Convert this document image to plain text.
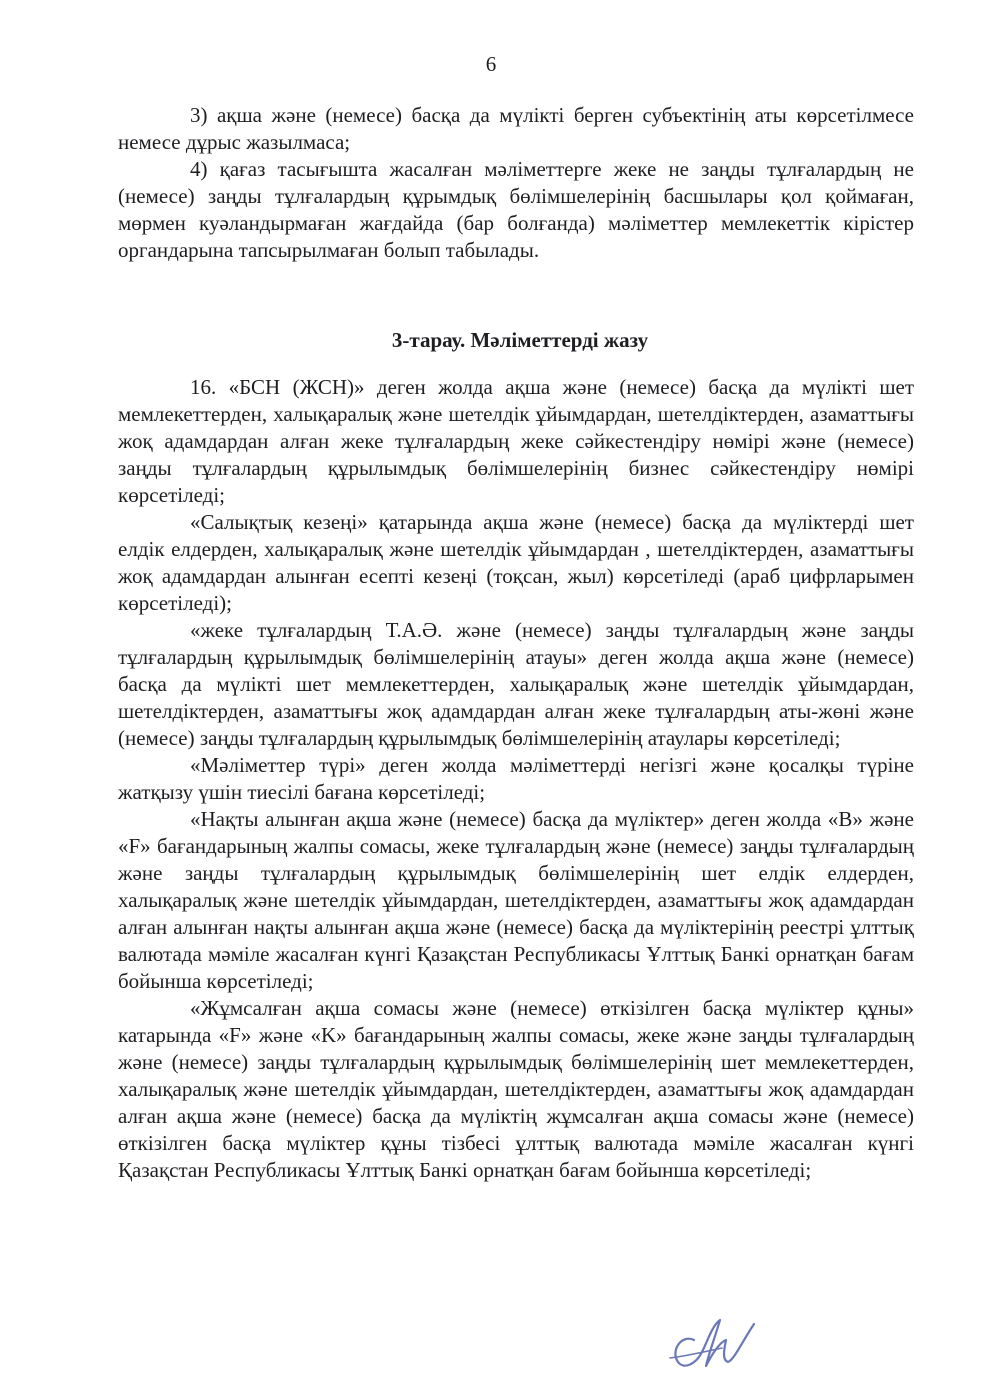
6

3) ақша және (немесе) басқа да мүлікті берген субъектінің аты көрсетілмесе немесе дұрыс жазылмаса;

4) қағаз тасығышта жасалған мәліметтерге жеке не заңды тұлғалардың не (немесе) заңды тұлғалардың құрымдық бөлімшелерінің басшылары қол қоймаған, мөрмен куәландырмаған жағдайда (бар болғанда) мәліметтер мемлекеттік кірістер органдарына тапсырылмаған болып табылады.

3-тарау. Мәліметтерді жазу

16. «БСН (ЖСН)» деген жолда ақша және (немесе) басқа да мүлікті шет мемлекеттерден, халықаралық және шетелдік ұйымдардан, шетелдіктерден, азаматтығы жоқ адамдардан алған жеке тұлғалардың жеке сәйкестендіру нөмірі және (немесе) заңды тұлғалардың құрылымдық бөлімшелерінің бизнес сәйкестендіру нөмірі көрсетіледі;

«Салықтық кезеңі» қатарында ақша және (немесе) басқа да мүліктерді шет елдік елдерден, халықаралық және шетелдік ұйымдардан , шетелдіктерден, азаматтығы жоқ адамдардан алынған есепті кезеңі (тоқсан, жыл) көрсетіледі (араб цифрларымен көрсетіледі);

«жеке тұлғалардың Т.А.Ә. және (немесе) заңды тұлғалардың және заңды тұлғалардың құрылымдық бөлімшелерінің атауы» деген жолда ақша және (немесе) басқа да мүлікті шет мемлекеттерден, халықаралық және шетелдік ұйымдардан, шетелдіктерден, азаматтығы жоқ адамдардан алған жеке тұлғалардың аты-жөні және (немесе) заңды тұлғалардың құрылымдық бөлімшелерінің атаулары көрсетіледі;

«Мәліметтер түрі» деген жолда мәліметтерді негізгі және қосалқы түріне жатқызу үшін тиесілі бағана көрсетіледі;

«Нақты алынған ақша және (немесе) басқа да мүліктер» деген жолда «B» және «F» бағандарының жалпы сомасы, жеке тұлғалардың және (немесе) заңды тұлғалардың және заңды тұлғалардың құрылымдық бөлімшелерінің шет елдік елдерден, халықаралық және шетелдік ұйымдардан, шетелдіктерден, азаматтығы жоқ адамдардан алған алынған нақты алынған ақша және (немесе) басқа да мүліктерінің реестрі ұлттық валютада мәміле жасалған күнгі Қазақстан Республикасы Ұлттық Банкі орнатқан бағам бойынша көрсетіледі;

«Жұмсалған ақша сомасы және (немесе) өткізілген басқа мүліктер құны» катарында «F» және «K» бағандарының жалпы сомасы, жеке және заңды тұлғалардың және (немесе) заңды тұлғалардың құрылымдық бөлімшелерінің шет мемлекеттерден, халықаралық және шетелдік ұйымдардан, шетелдіктерден, азаматтығы жоқ адамдардан алған ақша және (немесе) басқа да мүліктің жұмсалған ақша сомасы және (немесе) өткізілген басқа мүліктер құны тізбесі ұлттық валютада мәміле жасалған күнгі Қазақстан Республикасы Ұлттық Банкі орнатқан бағам бойынша көрсетіледі;
